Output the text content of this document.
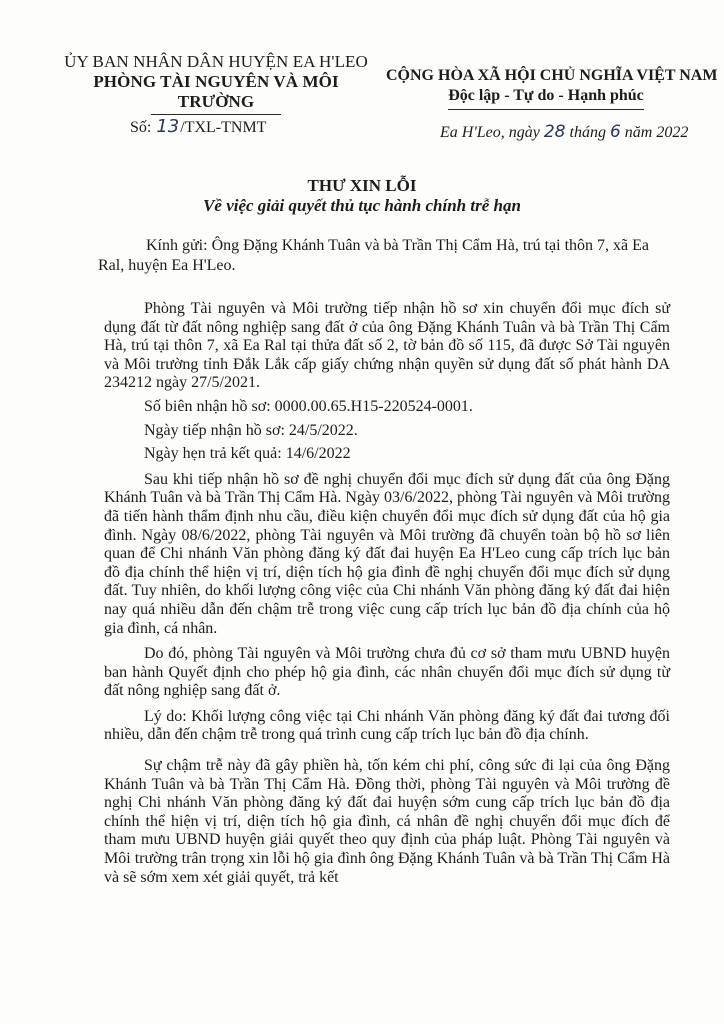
ỦY BAN NHÂN DÂN HUYỆN EA H'LEO
PHÒNG TÀI NGUYÊN VÀ MÔI TRƯỜNG
Số: 13/TXL-TNMT
CỘNG HÒA XÃ HỘI CHỦ NGHĨA VIỆT NAM
Độc lập - Tự do - Hạnh phúc
Ea H'Leo, ngày 28 tháng 6 năm 2022
THƯ XIN LỖI
Về việc giải quyết thủ tục hành chính trễ hạn
Kính gửi: Ông Đặng Khánh Tuân và bà Trần Thị Cẩm Hà, trú tại thôn 7, xã Ea Ral, huyện Ea H'Leo.

Phòng Tài nguyên và Môi trường tiếp nhận hồ sơ xin chuyển đổi mục đích sử dụng đất từ đất nông nghiệp sang đất ở của ông Đặng Khánh Tuân và bà Trần Thị Cẩm Hà, trú tại thôn 7, xã Ea Ral tại thửa đất số 2, tờ bản đồ số 115, đã được Sở Tài nguyên và Môi trường tỉnh Đắk Lắk cấp giấy chứng nhận quyền sử dụng đất số phát hành DA 234212 ngày 27/5/2021.

Số biên nhận hồ sơ: 0000.00.65.H15-220524-0001.

Ngày tiếp nhận hồ sơ: 24/5/2022.

Ngày hẹn trả kết quả: 14/6/2022

Sau khi tiếp nhận hồ sơ đề nghị chuyển đổi mục đích sử dụng đất của ông Đặng Khánh Tuân và bà Trần Thị Cẩm Hà. Ngày 03/6/2022, phòng Tài nguyên và Môi trường đã tiến hành thẩm định nhu cầu, điều kiện chuyển đổi mục đích sử dụng đất của hộ gia đình. Ngày 08/6/2022, phòng Tài nguyên và Môi trường đã chuyển toàn bộ hồ sơ liên quan để Chi nhánh Văn phòng đăng ký đất đai huyện Ea H'Leo cung cấp trích lục bản đồ địa chính thể hiện vị trí, diện tích hộ gia đình đề nghị chuyển đổi mục đích sử dụng đất. Tuy nhiên, do khối lượng công việc của Chi nhánh Văn phòng đăng ký đất đai hiện nay quá nhiều dẫn đến chậm trễ trong việc cung cấp trích lục bản đồ địa chính của hộ gia đình, cá nhân.

Do đó, phòng Tài nguyên và Môi trường chưa đủ cơ sở tham mưu UBND huyện ban hành Quyết định cho phép hộ gia đình, các nhân chuyển đổi mục đích sử dụng từ đất nông nghiệp sang đất ở.

Lý do: Khối lượng công việc tại Chi nhánh Văn phòng đăng ký đất đai tương đối nhiều, dẫn đến chậm trễ trong quá trình cung cấp trích lục bản đồ địa chính.

Sự chậm trễ này đã gây phiền hà, tốn kém chi phí, công sức đi lại của ông Đặng Khánh Tuân và bà Trần Thị Cẩm Hà. Đồng thời, phòng Tài nguyên và Môi trường đề nghị Chi nhánh Văn phòng đăng ký đất đai huyện sớm cung cấp trích lục bản đồ địa chính thể hiện vị trí, diện tích hộ gia đình, cá nhân đề nghị chuyển đổi mục đích để tham mưu UBND huyện giải quyết theo quy định của pháp luật. Phòng Tài nguyên và Môi trường trân trọng xin lỗi hộ gia đình ông Đặng Khánh Tuân và bà Trần Thị Cẩm Hà và sẽ sớm xem xét giải quyết, trả kết
